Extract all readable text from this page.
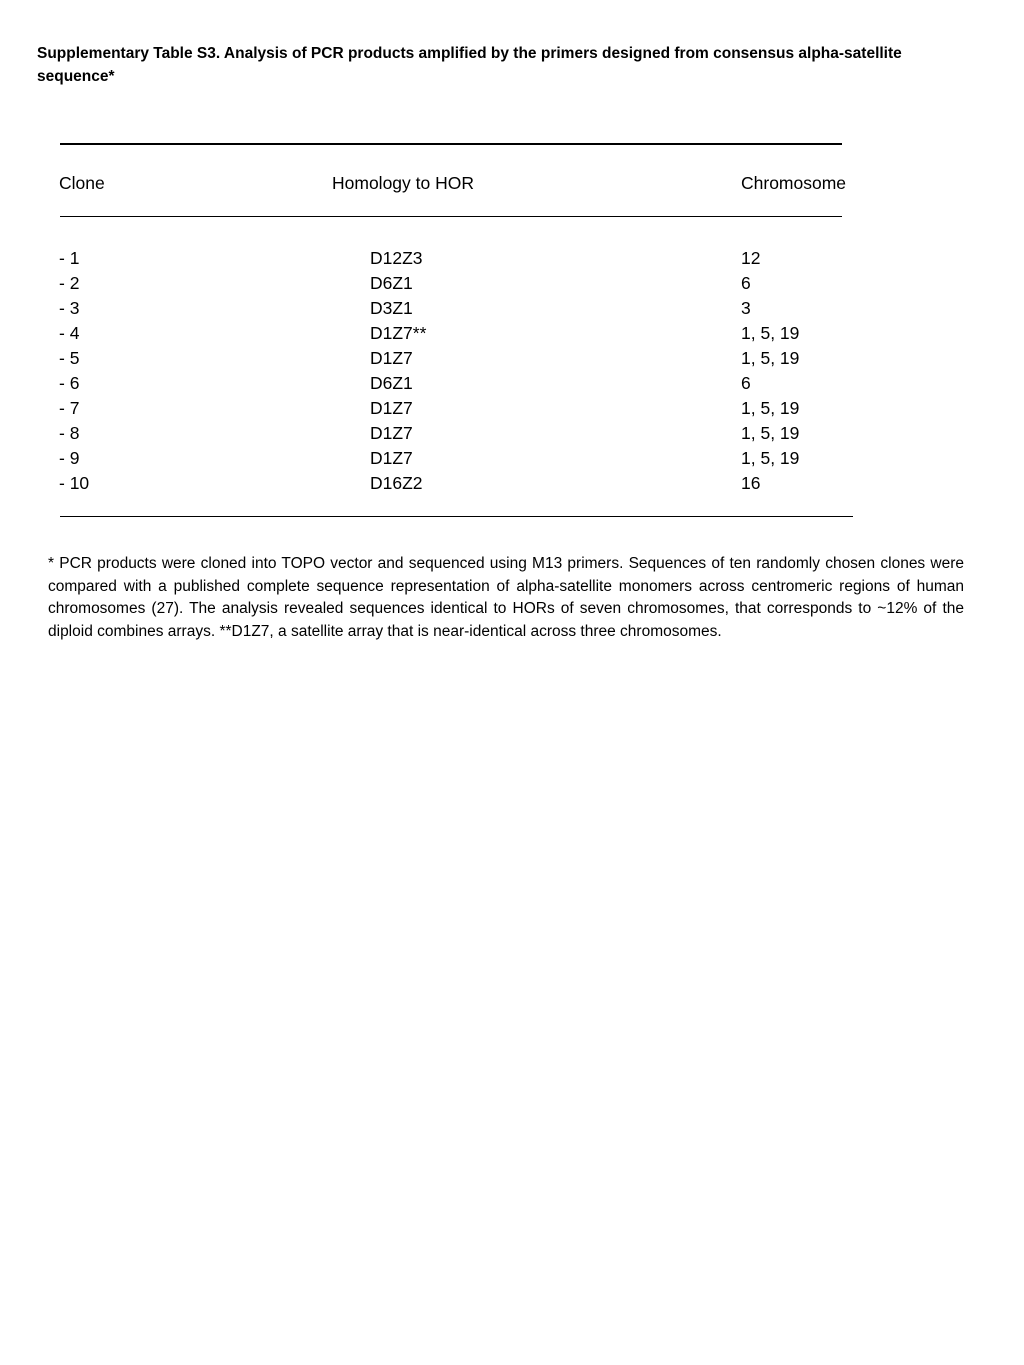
Supplementary Table S3. Analysis of PCR products amplified by the primers designed from consensus alpha-satellite sequence*
Clone	Homology to HOR	Chromosome
- 1	D12Z3	12
- 2	D6Z1	6
- 3	D3Z1	3
- 4	D1Z7**	1, 5, 19
- 5	D1Z7	1, 5, 19
- 6	D6Z1	6
- 7	D1Z7	1, 5, 19
- 8	D1Z7	1, 5, 19
- 9	D1Z7	1, 5, 19
- 10	D16Z2	16
* PCR products were cloned into TOPO vector and sequenced using M13 primers. Sequences of ten randomly chosen clones were compared with a published complete sequence representation of alpha-satellite monomers across centromeric regions of human chromosomes (27). The analysis revealed sequences identical to HORs of seven chromosomes, that corresponds to ~12% of the diploid combines arrays. **D1Z7, a satellite array that is near-identical across three chromosomes.
